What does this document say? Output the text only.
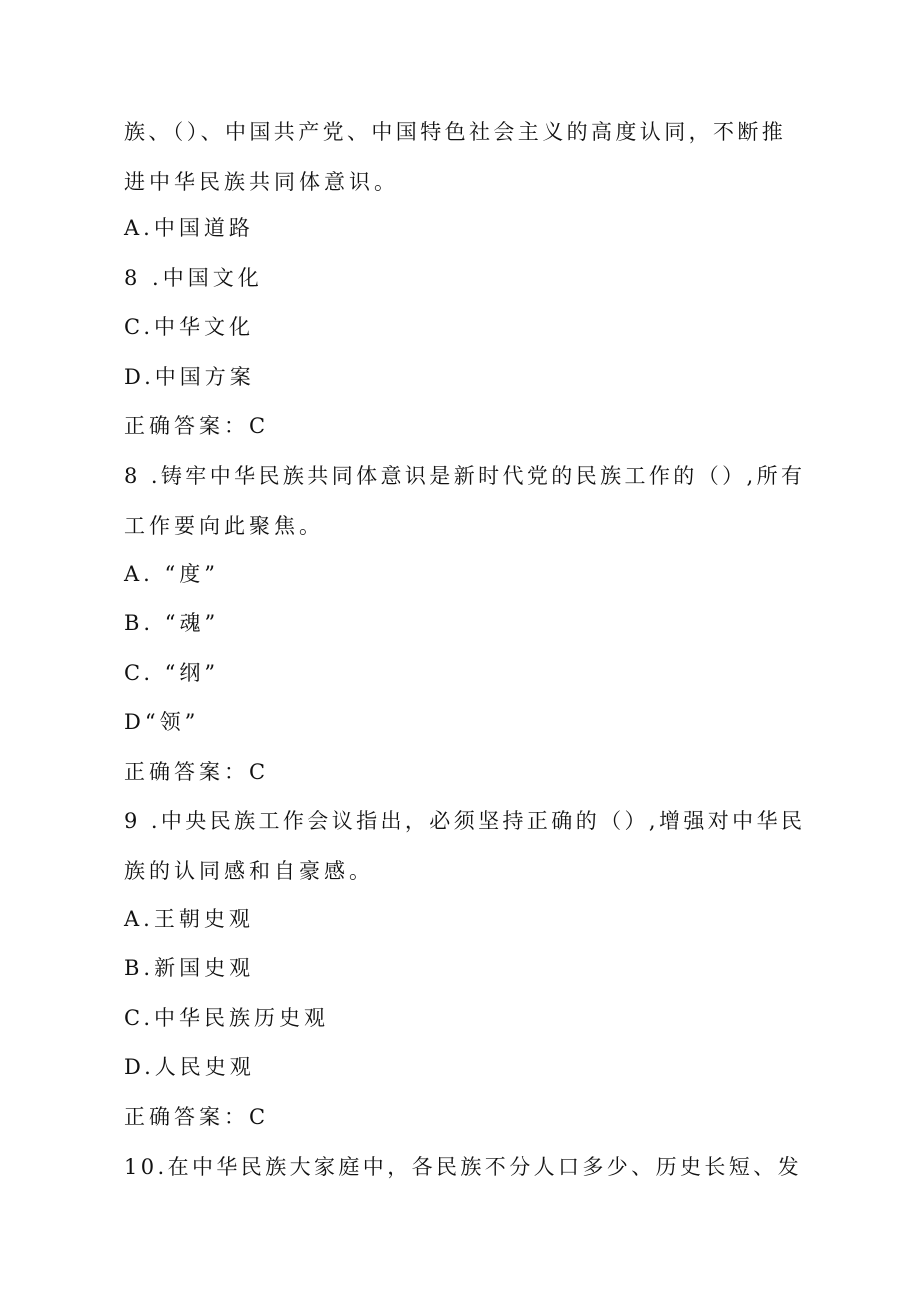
族、（）、中国共产党、中国特色社会主义的高度认同，不断推
进中华民族共同体意识。
A.中国道路
8 .中国文化
C.中华文化
D.中国方案
正确答案：C
8 .铸牢中华民族共同体意识是新时代党的民族工作的（）,所有
工作要向此聚焦。
A. “度”
B. “魂”
C. “纲”
D“领”
正确答案：C
9 .中央民族工作会议指出，必须坚持正确的（）,增强对中华民
族的认同感和自豪感。
A.王朝史观
B.新国史观
C.中华民族历史观
D.人民史观
正确答案：C
10.在中华民族大家庭中，各民族不分人口多少、历史长短、发
